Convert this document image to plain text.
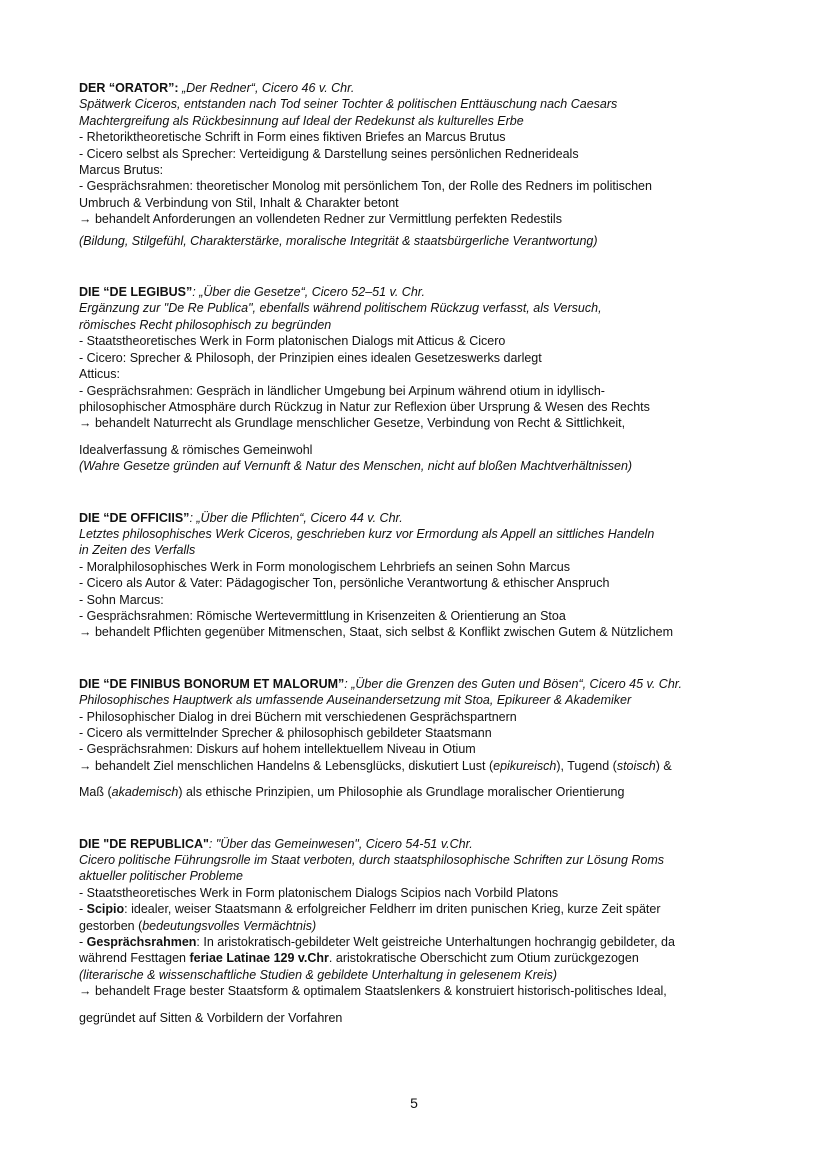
DER “ORATOR”: „Der Redner“, Cicero 46 v. Chr.
Spätwerk Ciceros, entstanden nach Tod seiner Tochter & politischen Enttäuschung nach Caesars
Machtergreifung als Rückbesinnung auf Ideal der Redekunst als kulturelles Erbe
- Rhetoriktheoretische Schrift in Form eines fiktiven Briefes an Marcus Brutus
- Cicero selbst als Sprecher: Verteidigung & Darstellung seines persönlichen Rednerideals
Marcus Brutus:
- Gesprächsrahmen: theoretischer Monolog mit persönlichem Ton, der Rolle des Redners im politischen
Umbruch & Verbindung von Stil, Inhalt & Charakter betont
→ behandelt Anforderungen an vollendeten Redner zur Vermittlung perfekten Redestils
(Bildung, Stilgefühl, Charakterstärke, moralische Integrität & staatsbürgerliche Verantwortung)
DIE “DE LEGIBUS”: „Über die Gesetze“, Cicero 52–51 v. Chr.
Ergänzung zur "De Re Publica", ebenfalls während politischem Rückzug verfasst, als Versuch,
römisches Recht philosophisch zu begründen
- Staatstheoretisches Werk in Form platonischen Dialogs mit Atticus & Cicero
- Cicero: Sprecher & Philosoph, der Prinzipien eines idealen Gesetzeswerks darlegt
Atticus:
- Gesprächsrahmen: Gespräch in ländlicher Umgebung bei Arpinum während otium in idyllisch-
philosophischer Atmosphäre durch Rückzug in Natur zur Reflexion über Ursprung & Wesen des Rechts
→ behandelt Naturrecht als Grundlage menschlicher Gesetze, Verbindung von Recht & Sittlichkeit,
Idealverfassung & römisches Gemeinwohl
(Wahre Gesetze gründen auf Vernunft & Natur des Menschen, nicht auf bloßen Machtverhältnissen)
DIE “DE OFFICIIS”: „Über die Pflichten“, Cicero 44 v. Chr.
Letztes philosophisches Werk Ciceros, geschrieben kurz vor Ermordung als Appell an sittliches Handeln
in Zeiten des Verfalls
- Moralphilosophisches Werk in Form monologischem Lehrbriefs an seinen Sohn Marcus
- Cicero als Autor & Vater: Pädagogischer Ton, persönliche Verantwortung & ethischer Anspruch
- Sohn Marcus:
- Gesprächsrahmen: Römische Wertevermittlung in Krisenzeiten & Orientierung an Stoa
→ behandelt Pflichten gegenüber Mitmenschen, Staat, sich selbst & Konflikt zwischen Gutem & Nützlichem
DIE “DE FINIBUS BONORUM ET MALORUM”: „Über die Grenzen des Guten und Bösen“, Cicero 45 v. Chr.
Philosophisches Hauptwerk als umfassende Auseinandersetzung mit Stoa, Epikureer & Akademiker
- Philosophischer Dialog in drei Büchern mit verschiedenen Gesprächspartnern
- Cicero als vermittelnder Sprecher & philosophisch gebildeter Staatsmann
- Gesprächsrahmen: Diskurs auf hohem intellektuellem Niveau in Otium
→ behandelt Ziel menschlichen Handelns & Lebensglücks, diskutiert Lust (epikureisch), Tugend (stoisch) &
Maß (akademisch) als ethische Prinzipien, um Philosophie als Grundlage moralischer Orientierung
DIE "DE REPUBLICA": "Über das Gemeinwesen", Cicero 54-51 v.Chr.
Cicero politische Führungsrolle im Staat verboten, durch staatsphilosophische Schriften zur Lösung Roms
aktueller politischer Probleme
- Staatstheoretisches Werk in Form platonischem Dialogs Scipios nach Vorbild Platons
- Scipio: idealer, weiser Staatsmann & erfolgreicher Feldherr im driten punischen Krieg, kurze Zeit später
gestorben (bedeutungsvolles Vermächtnis)
- Gesprächsrahmen: In aristokratisch-gebildeter Welt geistreiche Unterhaltungen hochrangig gebildeter, da
während Festtagen feriae Latinae 129 v.Chr. aristokratische Oberschicht zum Otium zurückgezogen
(literarische & wissenschaftliche Studien & gebildete Unterhaltung in gelesenem Kreis)
→ behandelt Frage bester Staatsform & optimalem Staatslenkers & konstruiert historisch-politisches Ideal,
gegründet auf Sitten & Vorbildern der Vorfahren
5
